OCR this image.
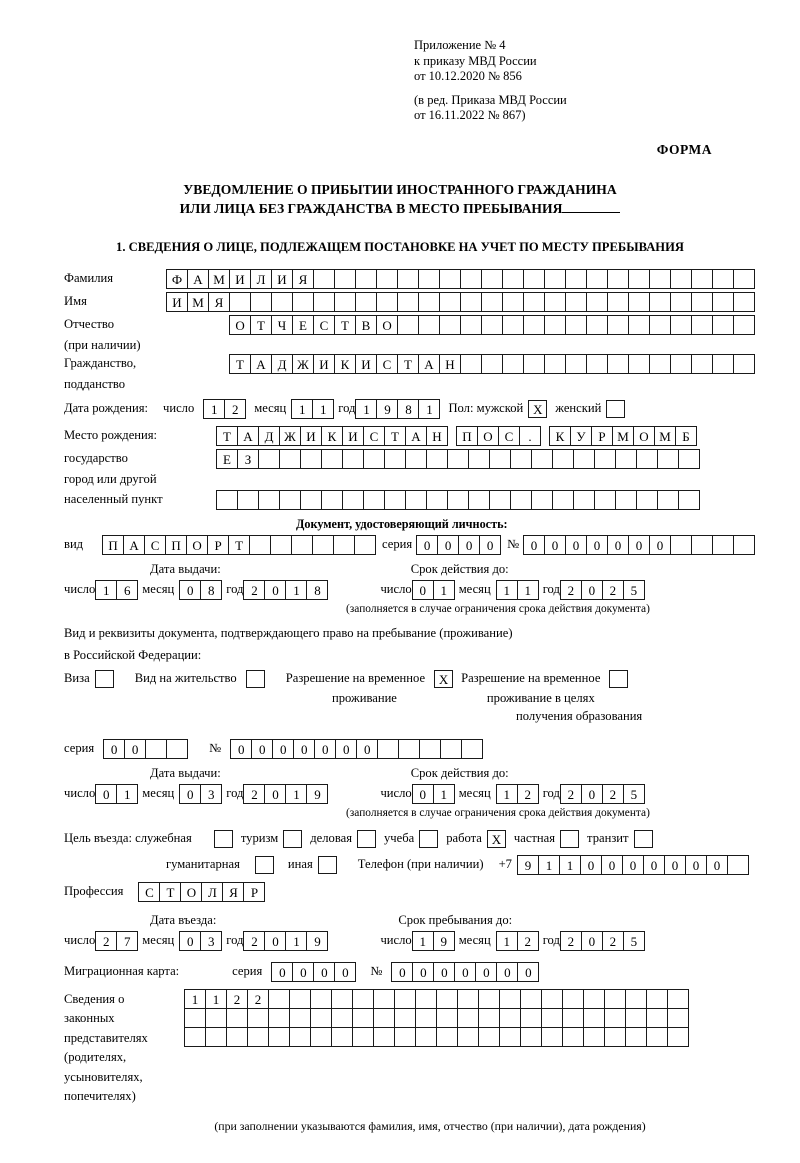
Приложение № 4
к приказу МВД России
от 10.12.2020 № 856
(в ред. Приказа МВД России
от 16.11.2022 № 867)
ФОРМА
УВЕДОМЛЕНИЕ О ПРИБЫТИИ ИНОСТРАННОГО ГРАЖДАНИНА
ИЛИ ЛИЦА БЕЗ ГРАЖДАНСТВА В МЕСТО ПРЕБЫВАНИЯ
1. СВЕДЕНИЯ О ЛИЦЕ, ПОДЛЕЖАЩЕМ ПОСТАНОВКЕ НА УЧЕТ ПО МЕСТУ ПРЕБЫВАНИЯ
Фамилия	Ф А М И Л И Я
Имя	И М Я
Отчество	О Т Ч Е С Т В О
(при наличии)
Гражданство,	Т А Д Ж И К И С Т А Н
подданство
Дата рождения: число	1	2	месяц 1	1 год 1	9	8	1	Пол: мужской X	женский
Место рождения:	Т А Д Ж И К И С Т А Н	П О С	.	К У Р М О М Б
государство	Е	З
город или другой
населенный пункт
Документ, удостоверяющий личность:
вид	П А С П О Р	Т	серия 0	0	0	0	№ 0	0	0	0	0	0	0
Дата выдачи:	Срок действия до:
число 1	6 месяц 0	8 год 2	0	1	8	число 0	1 месяц 1	1 год 2	0	2	5
(заполняется в случае ограничения срока действия документа)
Вид и реквизиты документа, подтверждающего право на пребывание (проживание)
в Российской Федерации:
Виза	Вид на жительство	Разрешение на временное	X	Разрешение на временное
проживание	проживание в целях
получения образования
серия	0	0	№	0	0	0	0	0	0	0
Дата выдачи:	Срок действия до:
число 0	1 месяц 0	3 год 2	0	1	9	число 0	1 месяц 1	2 год 2	0	2	5
(заполняется в случае ограничения срока действия документа)
Цель въезда: служебная	туризм	деловая	учеба	работа X	частная	транзит
гуманитарная	иная	Телефон (при наличии) +7 9	1	1	0	0	0	0	0	0	0
Профессия	С Т О Л Я	Р
Дата въезда:	Срок пребывания до:
число 2	7 месяц 0	3 год 2	0	1	9	число 1	9 месяц 1	2 год 2	0	2	5
Миграционная карта:	серия	0	0	0	0	№	0	0	0	0	0	0	0
Сведения о
законных
представителях
(родителях,
усыновителях,
попечителях)
1	1	2	2
(при заполнении указываются фамилия, имя, отчество (при наличии), дата рождения)
